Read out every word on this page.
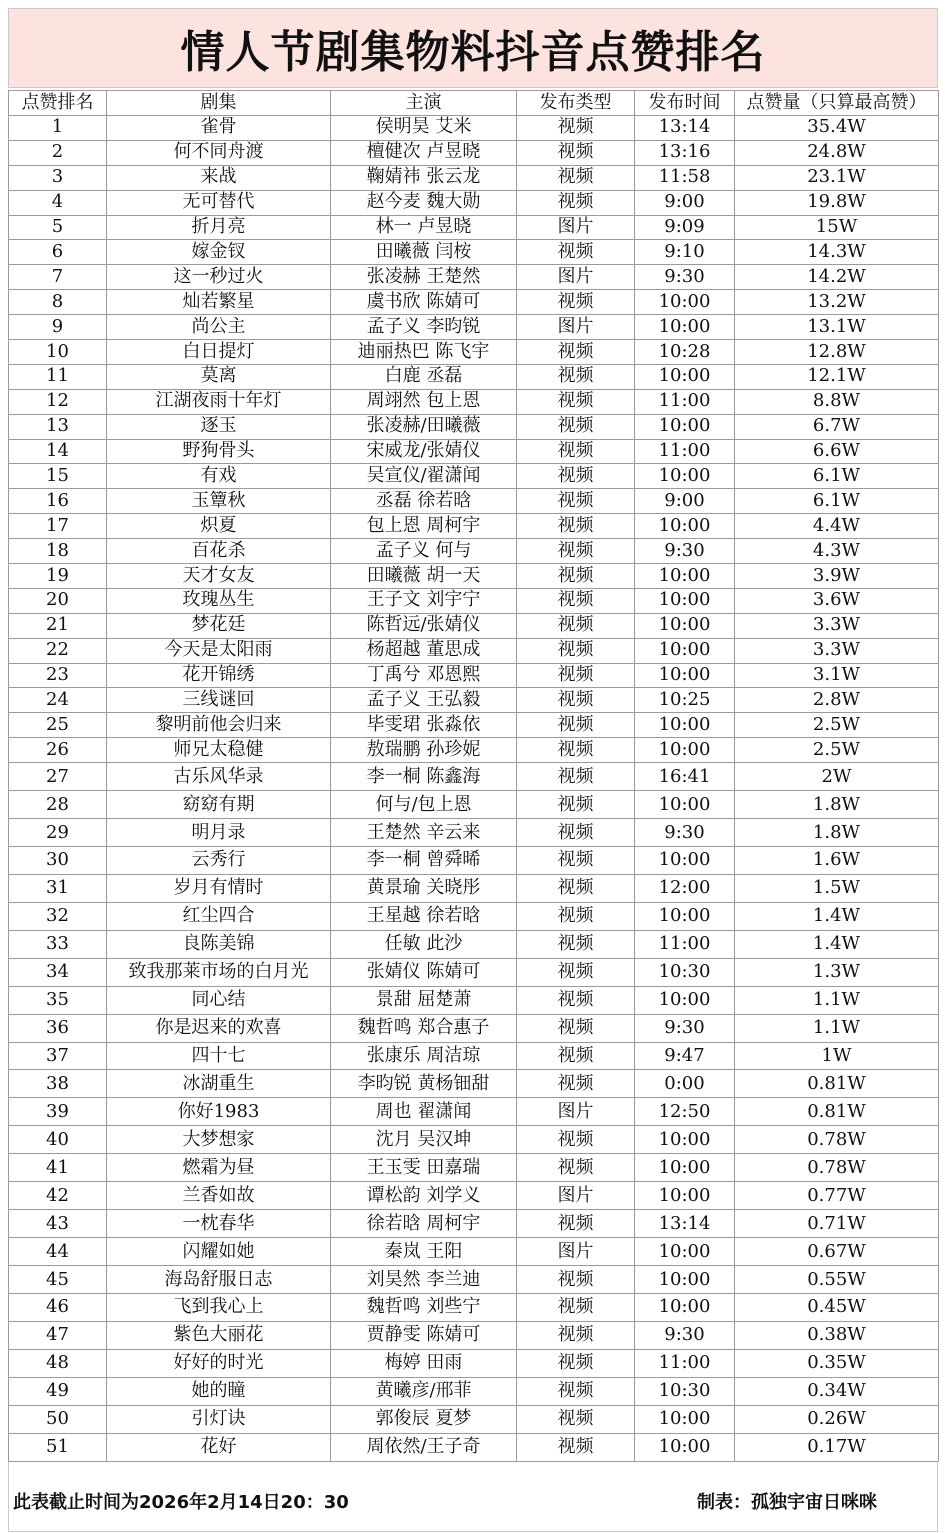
情人节剧集物料抖音点赞排名
点赞排名	剧集	主演	发布类型	发布时间	点赞量（只算最高赞）
1	雀骨	侯明昊 艾米	视频	13:14	35.4W
2	何不同舟渡	檀健次 卢昱晓	视频	13:16	24.8W
3	来战	鞠婧祎 张云龙	视频	11:58	23.1W
4	无可替代	赵今麦 魏大勋	视频	9:00	19.8W
5	折月亮	林一 卢昱晓	图片	9:09	15W
6	嫁金钗	田曦薇 闫桉	视频	9:10	14.3W
7	这一秒过火	张凌赫 王楚然	图片	9:30	14.2W
8	灿若繁星	虞书欣 陈婧可	视频	10:00	13.2W
9	尚公主	孟子义 李昀锐	图片	10:00	13.1W
10	白日提灯	迪丽热巴 陈飞宇	视频	10:28	12.8W
11	莫离	白鹿 丞磊	视频	10:00	12.1W
12	江湖夜雨十年灯	周翊然 包上恩	视频	11:00	8.8W
13	逐玉	张凌赫/田曦薇	视频	10:00	6.7W
14	野狗骨头	宋威龙/张婧仪	视频	11:00	6.6W
15	有戏	吴宣仪/翟潇闻	视频	10:00	6.1W
16	玉簟秋	丞磊 徐若晗	视频	9:00	6.1W
17	炽夏	包上恩 周柯宇	视频	10:00	4.4W
18	百花杀	孟子义 何与	视频	9:30	4.3W
19	天才女友	田曦薇 胡一天	视频	10:00	3.9W
20	玫瑰丛生	王子文 刘宇宁	视频	10:00	3.6W
21	梦花廷	陈哲远/张婧仪	视频	10:00	3.3W
22	今天是太阳雨	杨超越 董思成	视频	10:00	3.3W
23	花开锦绣	丁禹兮 邓恩熙	视频	10:00	3.1W
24	三线谜回	孟子义 王弘毅	视频	10:25	2.8W
25	黎明前他会归来	毕雯珺 张淼依	视频	10:00	2.5W
26	师兄太稳健	敖瑞鹏 孙珍妮	视频	10:00	2.5W
27	古乐风华录	李一桐 陈鑫海	视频	16:41	2W
28	窈窈有期	何与/包上恩	视频	10:00	1.8W
29	明月录	王楚然 辛云来	视频	9:30	1.8W
30	云秀行	李一桐 曾舜晞	视频	10:00	1.6W
31	岁月有情时	黄景瑜 关晓彤	视频	12:00	1.5W
32	红尘四合	王星越 徐若晗	视频	10:00	1.4W
33	良陈美锦	任敏 此沙	视频	11:00	1.4W
34	致我那莱市场的白月光	张婧仪 陈婧可	视频	10:30	1.3W
35	同心结	景甜 屈楚萧	视频	10:00	1.1W
36	你是迟来的欢喜	魏哲鸣 郑合惠子	视频	9:30	1.1W
37	四十七	张康乐 周洁琼	视频	9:47	1W
38	冰湖重生	李昀锐 黄杨钿甜	视频	0:00	0.81W
39	你好1983	周也 翟潇闻	图片	12:50	0.81W
40	大梦想家	沈月 吴汉坤	视频	10:00	0.78W
41	燃霜为昼	王玉雯 田嘉瑞	视频	10:00	0.78W
42	兰香如故	谭松韵 刘学义	图片	10:00	0.77W
43	一枕春华	徐若晗 周柯宇	视频	13:14	0.71W
44	闪耀如她	秦岚 王阳	图片	10:00	0.67W
45	海岛舒服日志	刘昊然 李兰迪	视频	10:00	0.55W
46	飞到我心上	魏哲鸣 刘些宁	视频	10:00	0.45W
47	紫色大丽花	贾静雯 陈婧可	视频	9:30	0.38W
48	好好的时光	梅婷 田雨	视频	11:00	0.35W
49	她的瞳	黄曦彦/邢菲	视频	10:30	0.34W
50	引灯诀	郭俊辰 夏梦	视频	10:00	0.26W
51	花好	周依然/王子奇	视频	10:00	0.17W
此表截止时间为2026年2月14日20：30	制表：孤独宇宙日咪咪
